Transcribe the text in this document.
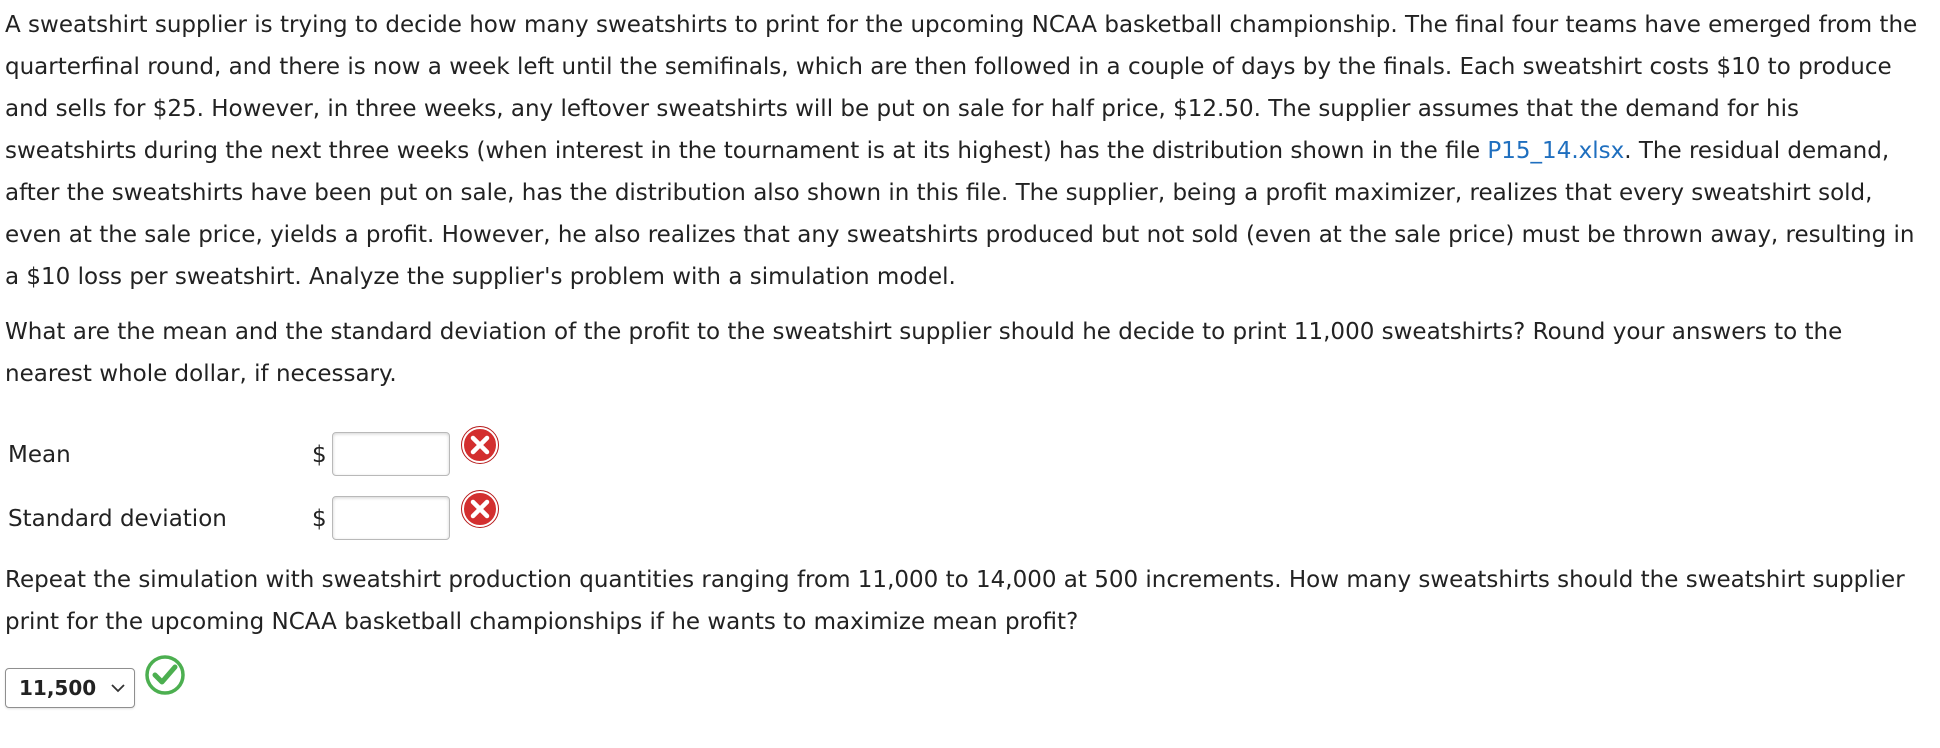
A sweatshirt supplier is trying to decide how many sweatshirts to print for the upcoming NCAA basketball championship. The final four teams have emerged from the quarterfinal round, and there is now a week left until the semifinals, which are then followed in a couple of days by the finals. Each sweatshirt costs $10 to produce and sells for $25. However, in three weeks, any leftover sweatshirts will be put on sale for half price, $12.50. The supplier assumes that the demand for his sweatshirts during the next three weeks (when interest in the tournament is at its highest) has the distribution shown in the file P15_14.xlsx. The residual demand, after the sweatshirts have been put on sale, has the distribution also shown in this file. The supplier, being a profit maximizer, realizes that every sweatshirt sold, even at the sale price, yields a profit. However, he also realizes that any sweatshirts produced but not sold (even at the sale price) must be thrown away, resulting in a $10 loss per sweatshirt. Analyze the supplier's problem with a simulation model.

What are the mean and the standard deviation of the profit to the sweatshirt supplier should he decide to print 11,000 sweatshirts? Round your answers to the nearest whole dollar, if necessary.

Mean	$
Standard deviation	$

Repeat the simulation with sweatshirt production quantities ranging from 11,000 to 14,000 at 500 increments. How many sweatshirts should the sweatshirt supplier print for the upcoming NCAA basketball championships if he wants to maximize mean profit?

11,500
